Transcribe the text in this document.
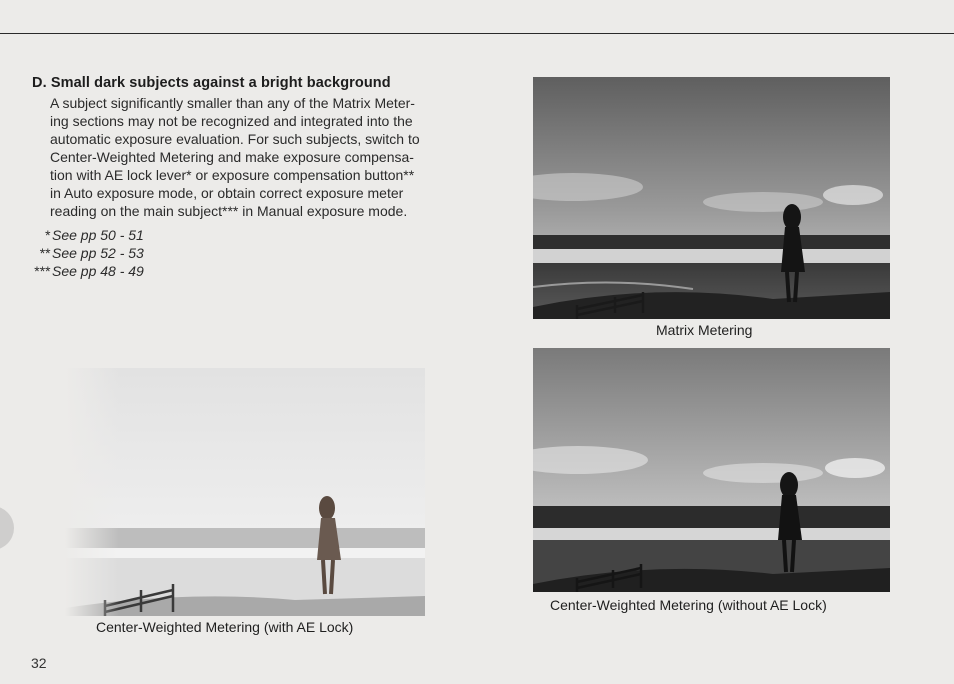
D. Small dark subjects against a bright background
A subject significantly smaller than any of the Matrix Meter-
ing sections may not be recognized and integrated into the
automatic exposure evaluation. For such subjects, switch to
Center-Weighted Metering and make exposure compensa-
tion with AE lock lever* or exposure compensation button**
in Auto exposure mode, or obtain correct exposure meter
reading on the main subject*** in Manual exposure mode.
*
**
***
See pp 50 - 51
See pp 52 - 53
See pp 48 - 49
Matrix Metering
Center-Weighted Metering (without AE Lock)
Center-Weighted Metering (with AE Lock)
32
